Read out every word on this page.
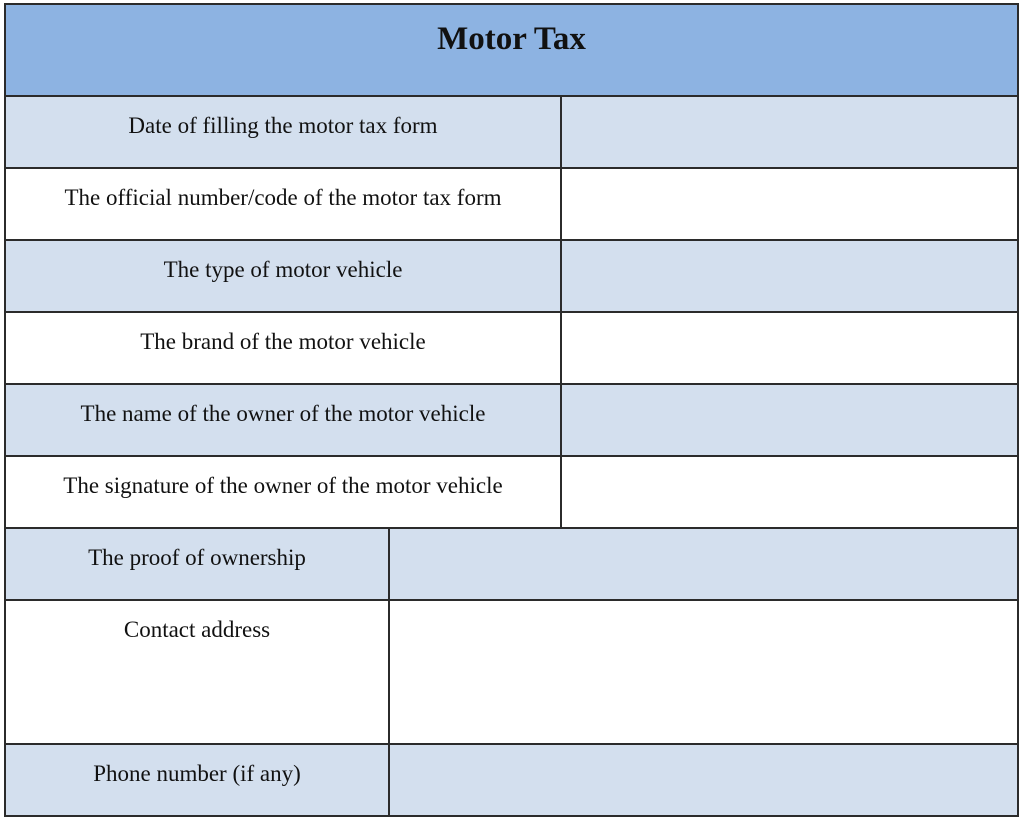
Motor Tax
Date of filling the motor tax form
The official number/code of the motor tax form
The type of motor vehicle
The brand of the motor vehicle
The name of the owner of the motor vehicle
The signature of the owner of the motor vehicle
The proof of ownership
Contact address
Phone number (if any)
